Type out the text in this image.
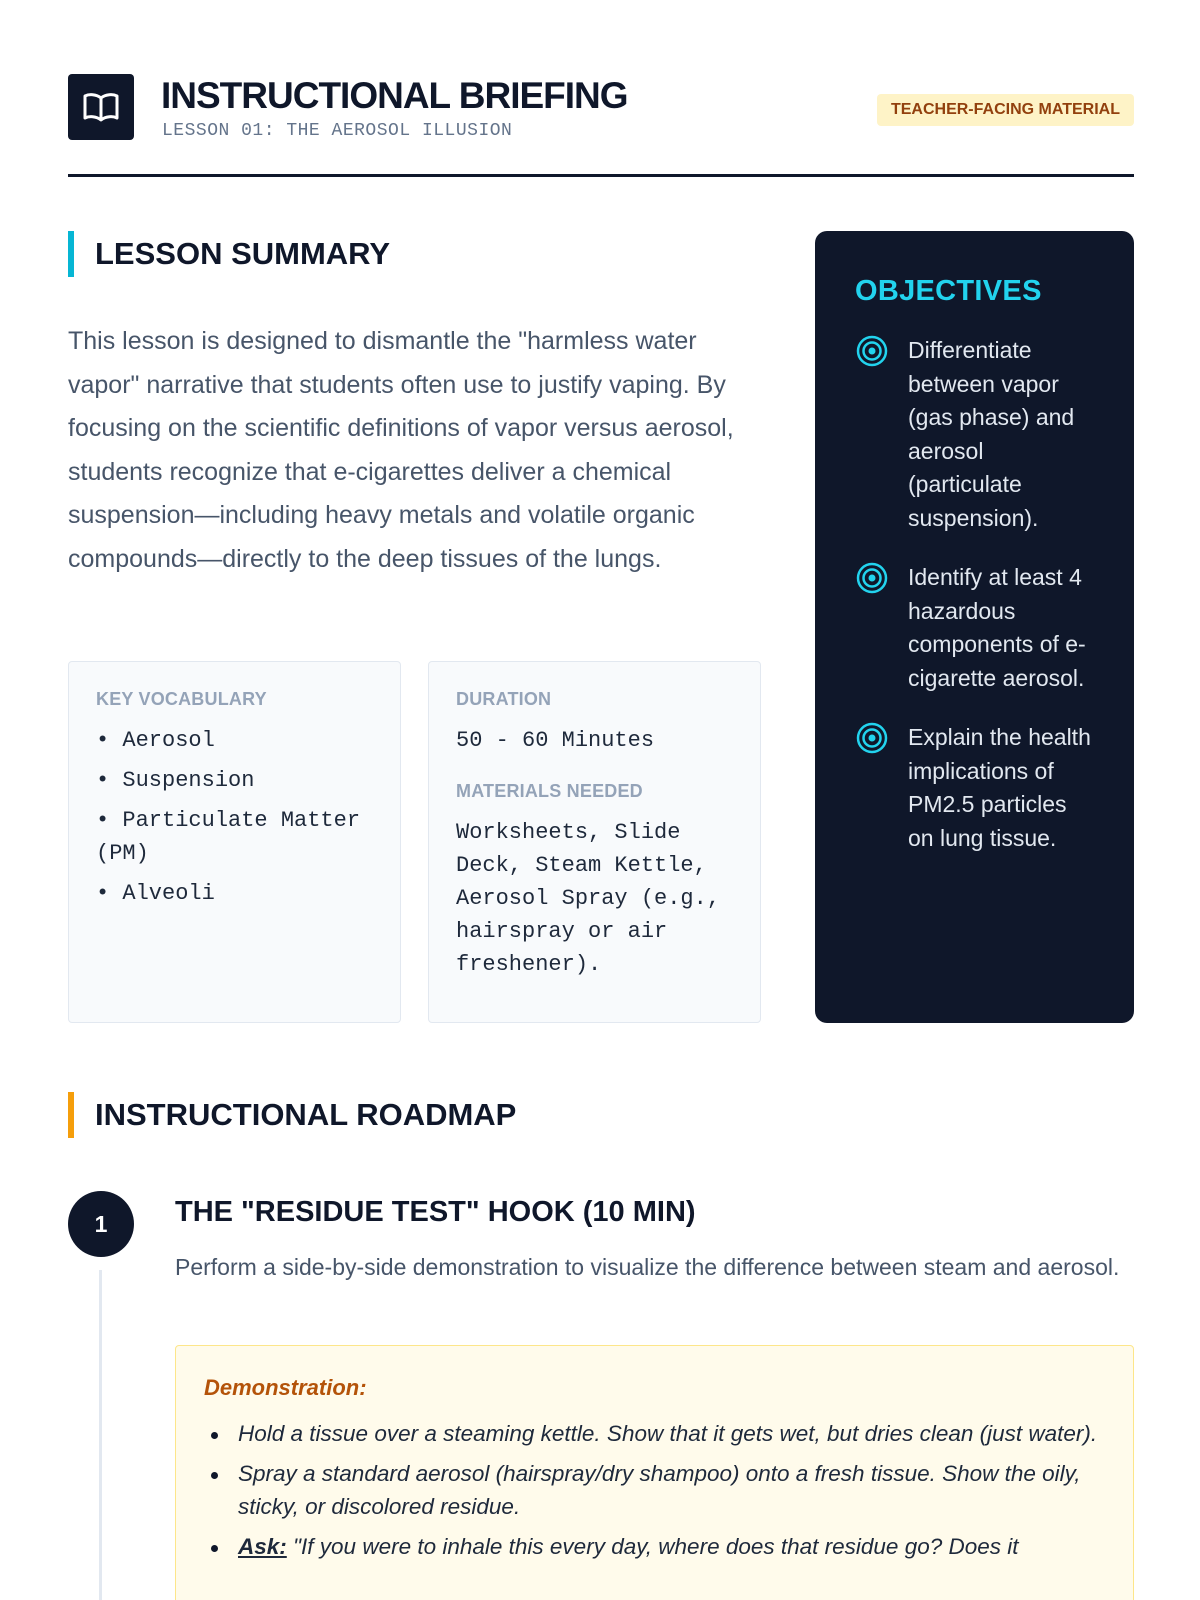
INSTRUCTIONAL BRIEFING
LESSON 01: THE AEROSOL ILLUSION
TEACHER-FACING MATERIAL
LESSON SUMMARY

This lesson is designed to dismantle the "harmless water vapor" narrative that students often use to justify vaping. By focusing on the scientific definitions of vapor versus aerosol, students recognize that e-cigarettes deliver a chemical suspension—including heavy metals and volatile organic compounds—directly to the deep tissues of the lungs.

KEY VOCABULARY
• Aerosol
• Suspension
• Particulate Matter (PM)
• Alveoli
DURATION
50 - 60 Minutes
MATERIALS NEEDED
Worksheets, Slide Deck, Steam Kettle, Aerosol Spray (e.g., hairspray or air freshener).
OBJECTIVES
Differentiate between vapor (gas phase) and aerosol (particulate suspension).
Identify at least 4 hazardous components of e-cigarette aerosol.
Explain the health implications of PM2.5 particles on lung tissue.
INSTRUCTIONAL ROADMAP
1	THE "RESIDUE TEST" HOOK (10 MIN)

Perform a side-by-side demonstration to visualize the difference between steam and aerosol.

Demonstration:
Hold a tissue over a steaming kettle. Show that it gets wet, but dries clean (just water).
Spray a standard aerosol (hairspray/dry shampoo) onto a fresh tissue. Show the oily, sticky, or discolored residue.
Ask: "If you were to inhale this every day, where does that residue go? Does it
